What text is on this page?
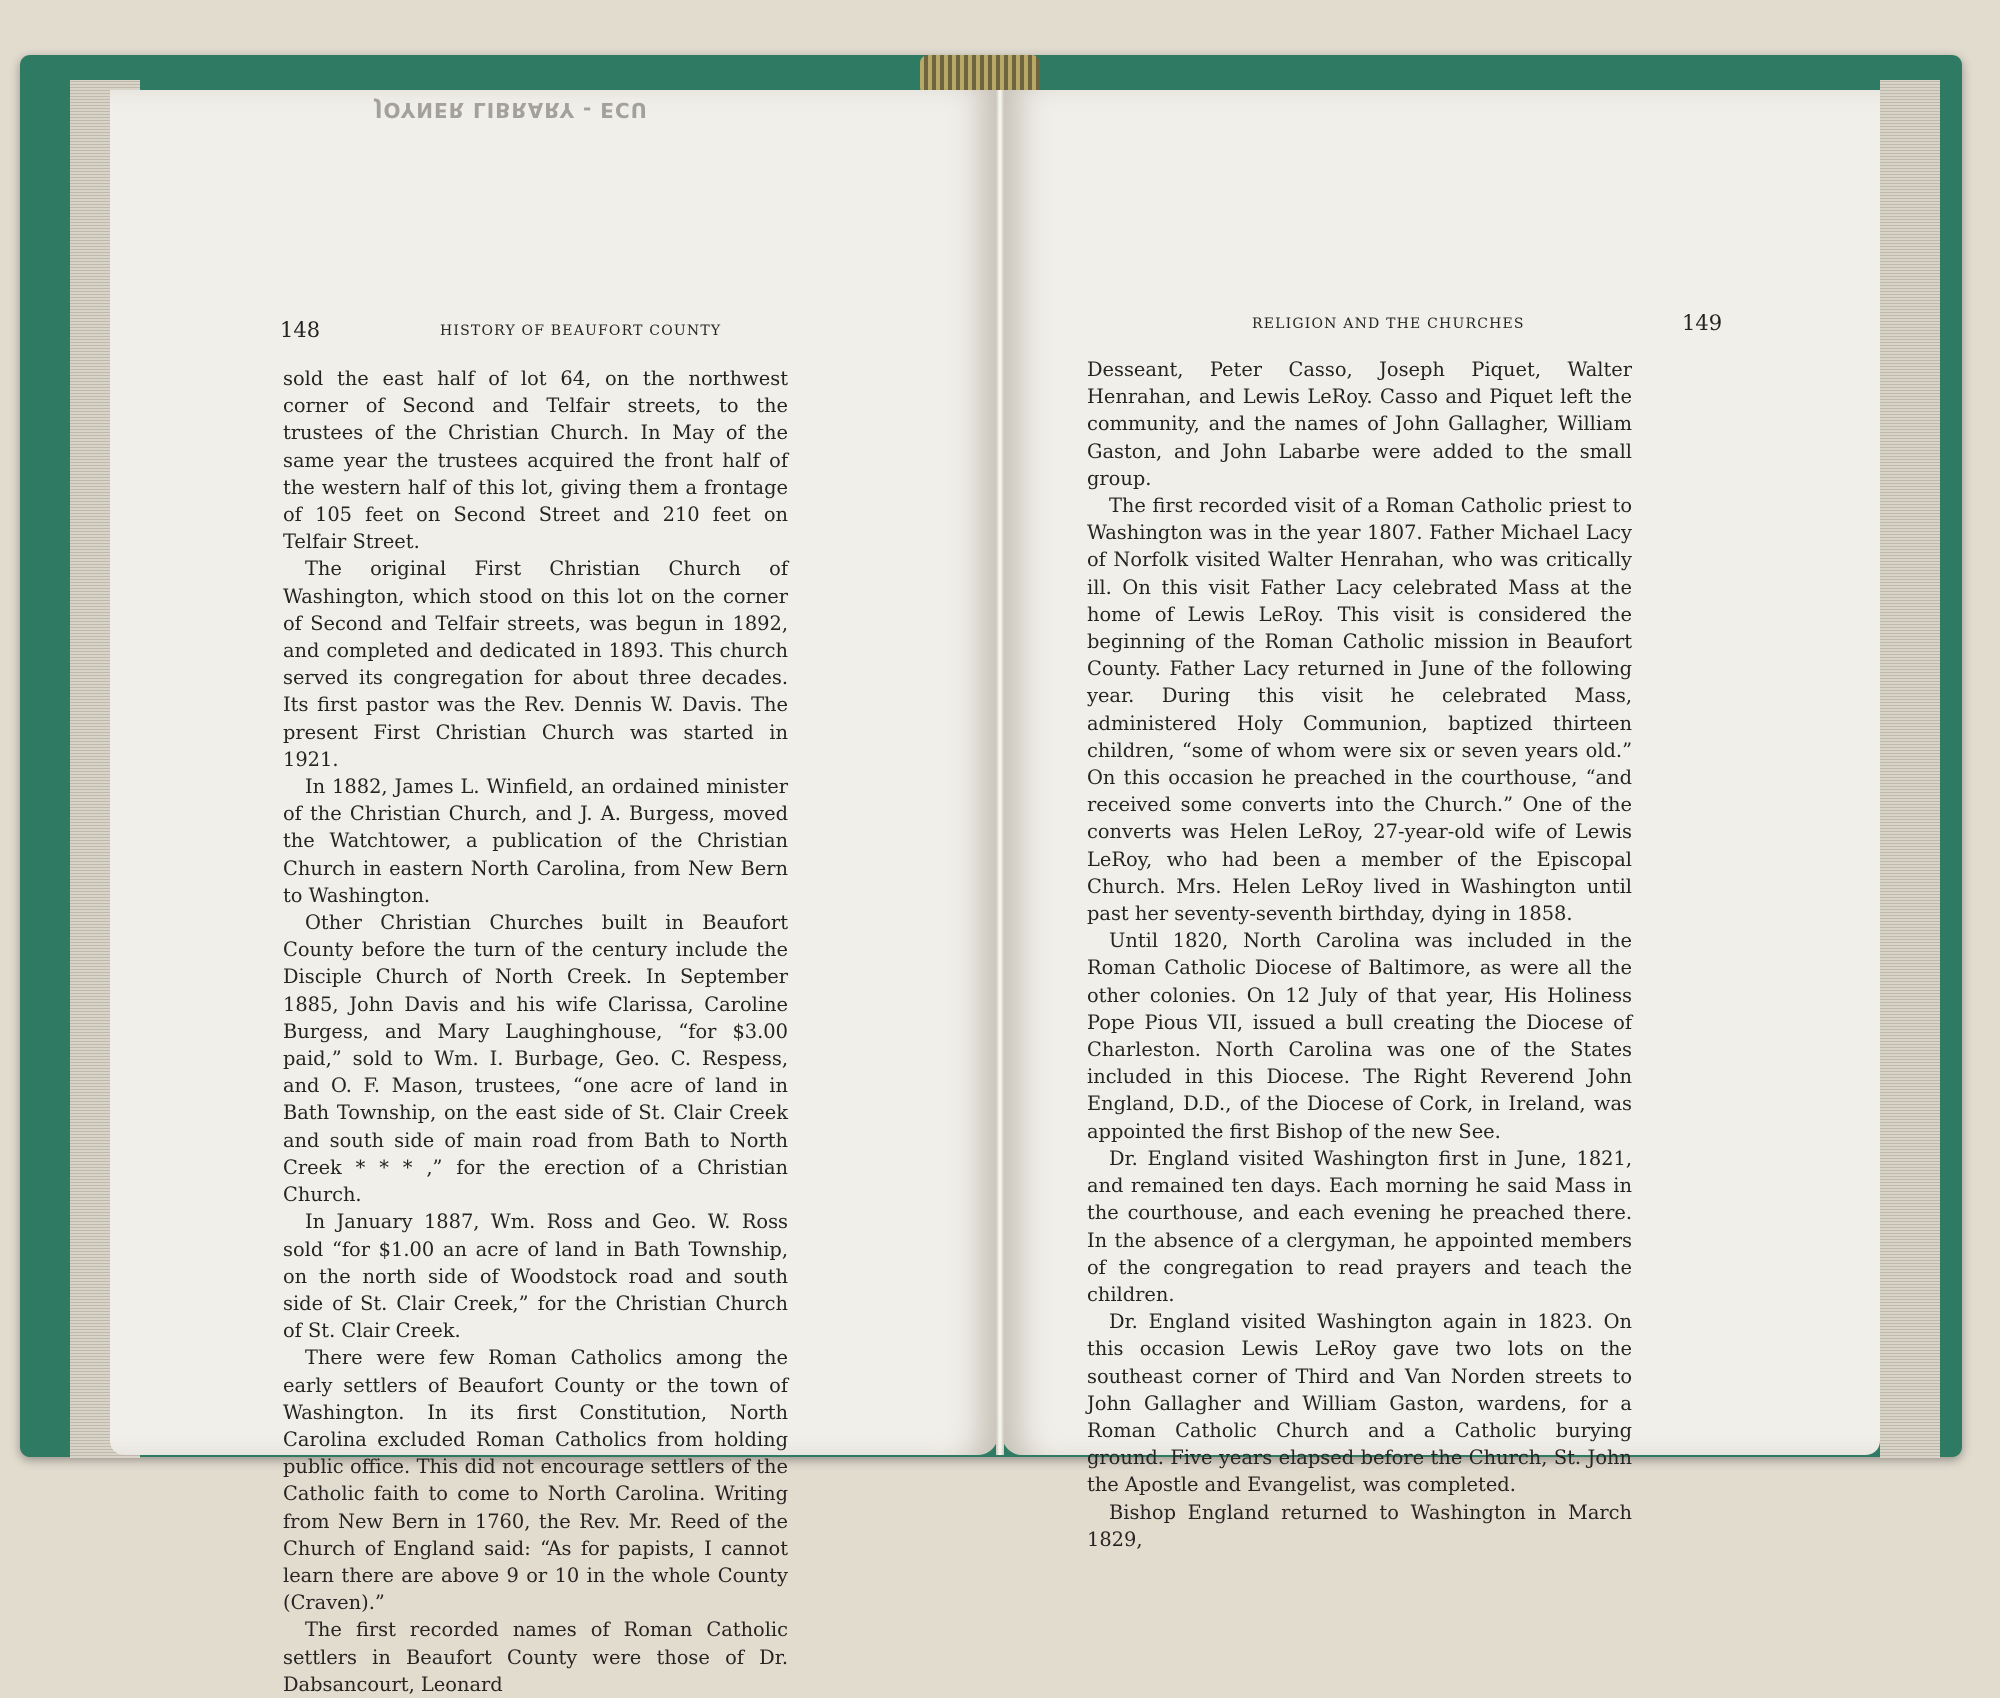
JOYNER LIBRARY - ECU
148	HISTORY OF BEAUFORT COUNTY

sold the east half of lot 64, on the northwest corner of Second and Telfair streets, to the trustees of the Christian Church. In May of the same year the trustees acquired the front half of the western half of this lot, giving them a frontage of 105 feet on Second Street and 210 feet on Telfair Street.

The original First Christian Church of Washington, which stood on this lot on the corner of Second and Telfair streets, was begun in 1892, and completed and dedicated in 1893. This church served its congregation for about three decades. Its first pastor was the Rev. Dennis W. Davis. The present First Christian Church was started in 1921.

In 1882, James L. Winfield, an ordained minister of the Christian Church, and J. A. Burgess, moved the Watchtower, a publication of the Christian Church in eastern North Carolina, from New Bern to Washington.

Other Christian Churches built in Beaufort County before the turn of the century include the Disciple Church of North Creek. In September 1885, John Davis and his wife Clarissa, Caroline Burgess, and Mary Laughinghouse, “for $3.00 paid,” sold to Wm. I. Burbage, Geo. C. Respess, and O. F. Mason, trustees, “one acre of land in Bath Township, on the east side of St. Clair Creek and south side of main road from Bath to North Creek * * * ,” for the erection of a Christian Church.

In January 1887, Wm. Ross and Geo. W. Ross sold “for $1.00 an acre of land in Bath Township, on the north side of Woodstock road and south side of St. Clair Creek,” for the Christian Church of St. Clair Creek.

There were few Roman Catholics among the early settlers of Beaufort County or the town of Washington. In its first Constitution, North Carolina excluded Roman Catholics from holding public office. This did not encourage settlers of the Catholic faith to come to North Carolina. Writing from New Bern in 1760, the Rev. Mr. Reed of the Church of England said: “As for papists, I cannot learn there are above 9 or 10 in the whole County (Craven).”

The first recorded names of Roman Catholic settlers in Beaufort County were those of Dr. Dabsancourt, Leonard

RELIGION AND THE CHURCHES	149

Desseant, Peter Casso, Joseph Piquet, Walter Henrahan, and Lewis LeRoy. Casso and Piquet left the community, and the names of John Gallagher, William Gaston, and John Labarbe were added to the small group.

The first recorded visit of a Roman Catholic priest to Washington was in the year 1807. Father Michael Lacy of Norfolk visited Walter Henrahan, who was critically ill. On this visit Father Lacy celebrated Mass at the home of Lewis LeRoy. This visit is considered the beginning of the Roman Catholic mission in Beaufort County. Father Lacy returned in June of the following year. During this visit he celebrated Mass, administered Holy Communion, baptized thirteen children, “some of whom were six or seven years old.” On this occasion he preached in the courthouse, “and received some converts into the Church.” One of the converts was Helen LeRoy, 27-year-old wife of Lewis LeRoy, who had been a member of the Episcopal Church. Mrs. Helen LeRoy lived in Washington until past her seventy-seventh birthday, dying in 1858.

Until 1820, North Carolina was included in the Roman Catholic Diocese of Baltimore, as were all the other colonies. On 12 July of that year, His Holiness Pope Pious VII, issued a bull creating the Diocese of Charleston. North Carolina was one of the States included in this Diocese. The Right Reverend John England, D.D., of the Diocese of Cork, in Ireland, was appointed the first Bishop of the new See.

Dr. England visited Washington first in June, 1821, and remained ten days. Each morning he said Mass in the courthouse, and each evening he preached there. In the absence of a clergyman, he appointed members of the congregation to read prayers and teach the children.

Dr. England visited Washington again in 1823. On this occasion Lewis LeRoy gave two lots on the southeast corner of Third and Van Norden streets to John Gallagher and William Gaston, wardens, for a Roman Catholic Church and a Catholic burying ground. Five years elapsed before the Church, St. John the Apostle and Evangelist, was completed.

Bishop England returned to Washington in March 1829,
